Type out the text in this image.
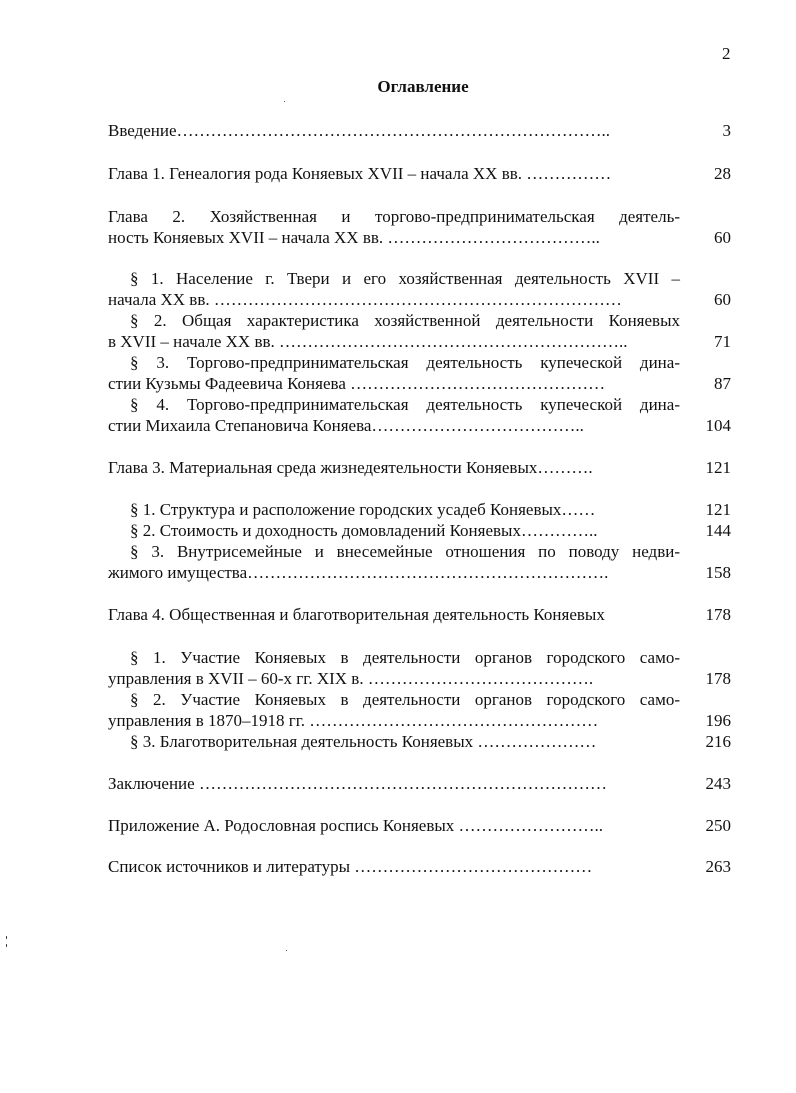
2
Оглавление
Введение…………………………………………………………………..	3
Глава 1. Генеалогия рода Коняевых XVII – начала XX вв. ……………	28
Глава 2. Хозяйственная и торгово-предпринимательская деятель-
ность Коняевых XVII – начала XX вв. ………………………………..	60
§ 1. Население г. Твери и его хозяйственная деятельность XVII –
начала XX вв. ………………………………………………………………	60
§ 2. Общая характеристика хозяйственной деятельности Коняевых
в XVII – начале XX вв. ……………………………………………………..	71
§ 3. Торгово-предпринимательская деятельность купеческой дина-
стии Кузьмы Фадеевича Коняева ………………………………………	87
§ 4. Торгово-предпринимательская деятельность купеческой дина-
стии Михаила Степановича Коняева………………………………..	104
Глава 3. Материальная среда жизнедеятельности Коняевых……….	121
§ 1. Структура и расположение городских усадеб Коняевых……	121
§ 2. Стоимость и доходность домовладений Коняевых…………..	144
§ 3. Внутрисемейные и внесемейные отношения по поводу недви-
жимого имущества……………………………………………………….	158
Глава 4. Общественная и благотворительная деятельность Коняевых	178
§ 1. Участие Коняевых в деятельности органов городского само-
управления в XVII – 60-х гг. XIX в. ………………………………….	178
§ 2. Участие Коняевых в деятельности органов городского само-
управления в 1870–1918 гг. ……………………………………………	196
§ 3. Благотворительная деятельность Коняевых …………………	216
Заключение ………………………………………………………………	243
Приложение А. Родословная роспись Коняевых ……………………..	250
Список источников и литературы ……………………………………	263
